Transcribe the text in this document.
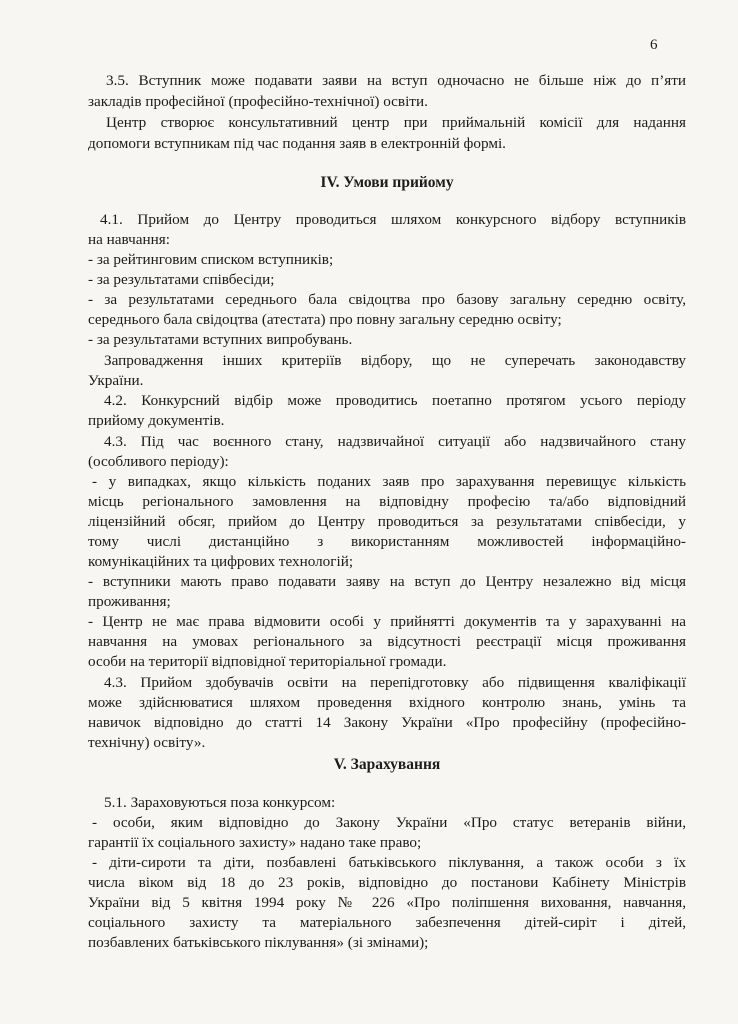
6
3.5. Вступник може подавати заяви на вступ одночасно не більше ніж до п’яти
закладів професійної (професійно-технічної) освіти.
Центр створює консультативний центр при приймальній комісії для надання
допомоги вступникам під час подання заяв в електронній формі.
IV. Умови прийому
4.1. Прийом до Центру проводиться шляхом конкурсного відбору вступників
на навчання:
- за рейтинговим списком вступників;
- за результатами співбесіди;
- за результатами середнього бала свідоцтва про базову загальну середню освіту,
середнього бала свідоцтва (атестата) про повну загальну середню освіту;
- за результатами вступних випробувань.
Запровадження інших критеріїв відбору, що не суперечать законодавству
України.
4.2. Конкурсний відбір може проводитись поетапно протягом усього періоду
прийому документів.
4.3. Під час воєнного стану, надзвичайної ситуації або надзвичайного стану
(особливого періоду):
- у випадках, якщо кількість поданих заяв про зарахування перевищує кількість
місць регіонального замовлення на відповідну професію та/або відповідний
ліцензійний обсяг, прийом до Центру проводиться за результатами співбесіди, у
тому числі дистанційно з використанням можливостей інформаційно-
комунікаційних та цифрових технологій;
- вступники мають право подавати заяву на вступ до Центру незалежно від місця
проживання;
- Центр не має права відмовити особі у прийнятті документів та у зарахуванні на
навчання на умовах регіонального за відсутності реєстрації місця проживання
особи на території відповідної територіальної громади.
4.3. Прийом здобувачів освіти на перепідготовку або підвищення кваліфікації
може здійснюватися шляхом проведення вхідного контролю знань, умінь та
навичок відповідно до статті 14 Закону України «Про професійну (професійно-
технічну) освіту».
V. Зарахування
5.1. Зараховуються поза конкурсом:
- особи, яким відповідно до Закону України «Про статус ветеранів війни,
гарантії їх соціального захисту» надано таке право;
- діти-сироти та діти, позбавлені батьківського піклування, а також особи з їх
числа віком від 18 до 23 років, відповідно до постанови Кабінету Міністрів
України від 5 квітня 1994 року № 226 «Про поліпшення виховання, навчання,
соціального захисту та матеріального забезпечення дітей-сиріт і дітей,
позбавлених батьківського піклування» (зі змінами);
